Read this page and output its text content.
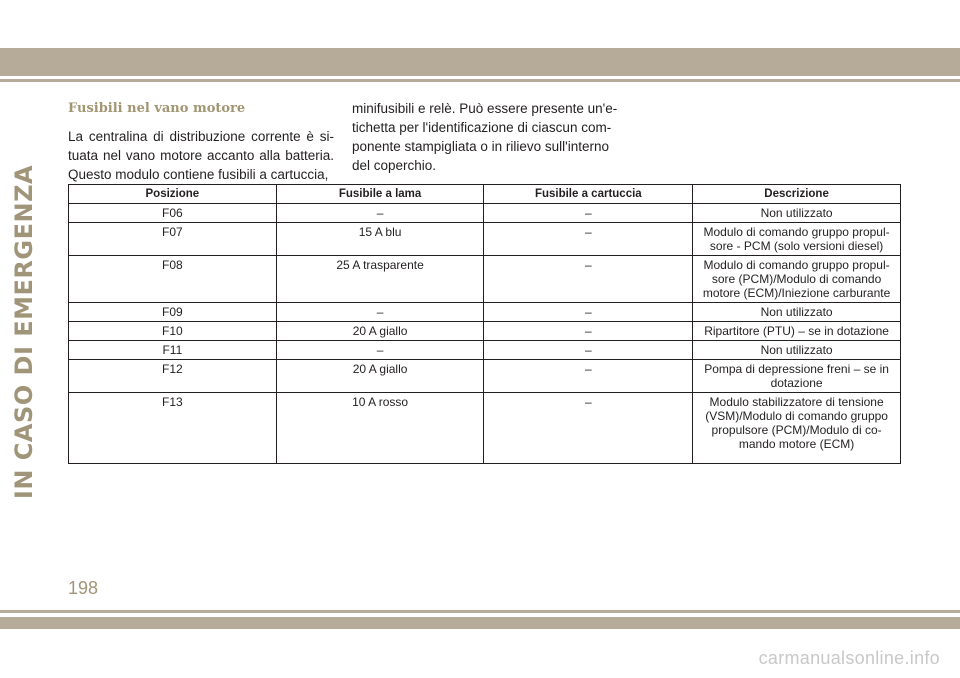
IN CASO DI EMERGENZA
Fusibili nel vano motore

La centralina di distribuzione corrente è si-tuata nel vano motore accanto alla batteria. Questo modulo contiene fusibili a cartuccia,

minifusibili e relè. Può essere presente un'e-tichetta per l'identificazione di ciascun com-ponente stampigliata o in rilievo sull'interno del coperchio.

Posizione	Fusibile a lama	Fusibile a cartuccia	Descrizione
F06	–	–	Non utilizzato
F07	15 A blu	–	Modulo di comando gruppo propul-sore - PCM (solo versioni diesel)
F08	25 A trasparente	–	Modulo di comando gruppo propul-sore (PCM)/Modulo di comando motore (ECM)/Iniezione carburante
F09	–	–	Non utilizzato
F10	20 A giallo	–	Ripartitore (PTU) – se in dotazione
F11	–	–	Non utilizzato
F12	20 A giallo	–	Pompa di depressione freni – se in dotazione
F13	10 A rosso	–	Modulo stabilizzatore di tensione (VSM)/Modulo di comando gruppo propulsore (PCM)/Modulo di co-mando motore (ECM)
198
carmanualsonline.info
